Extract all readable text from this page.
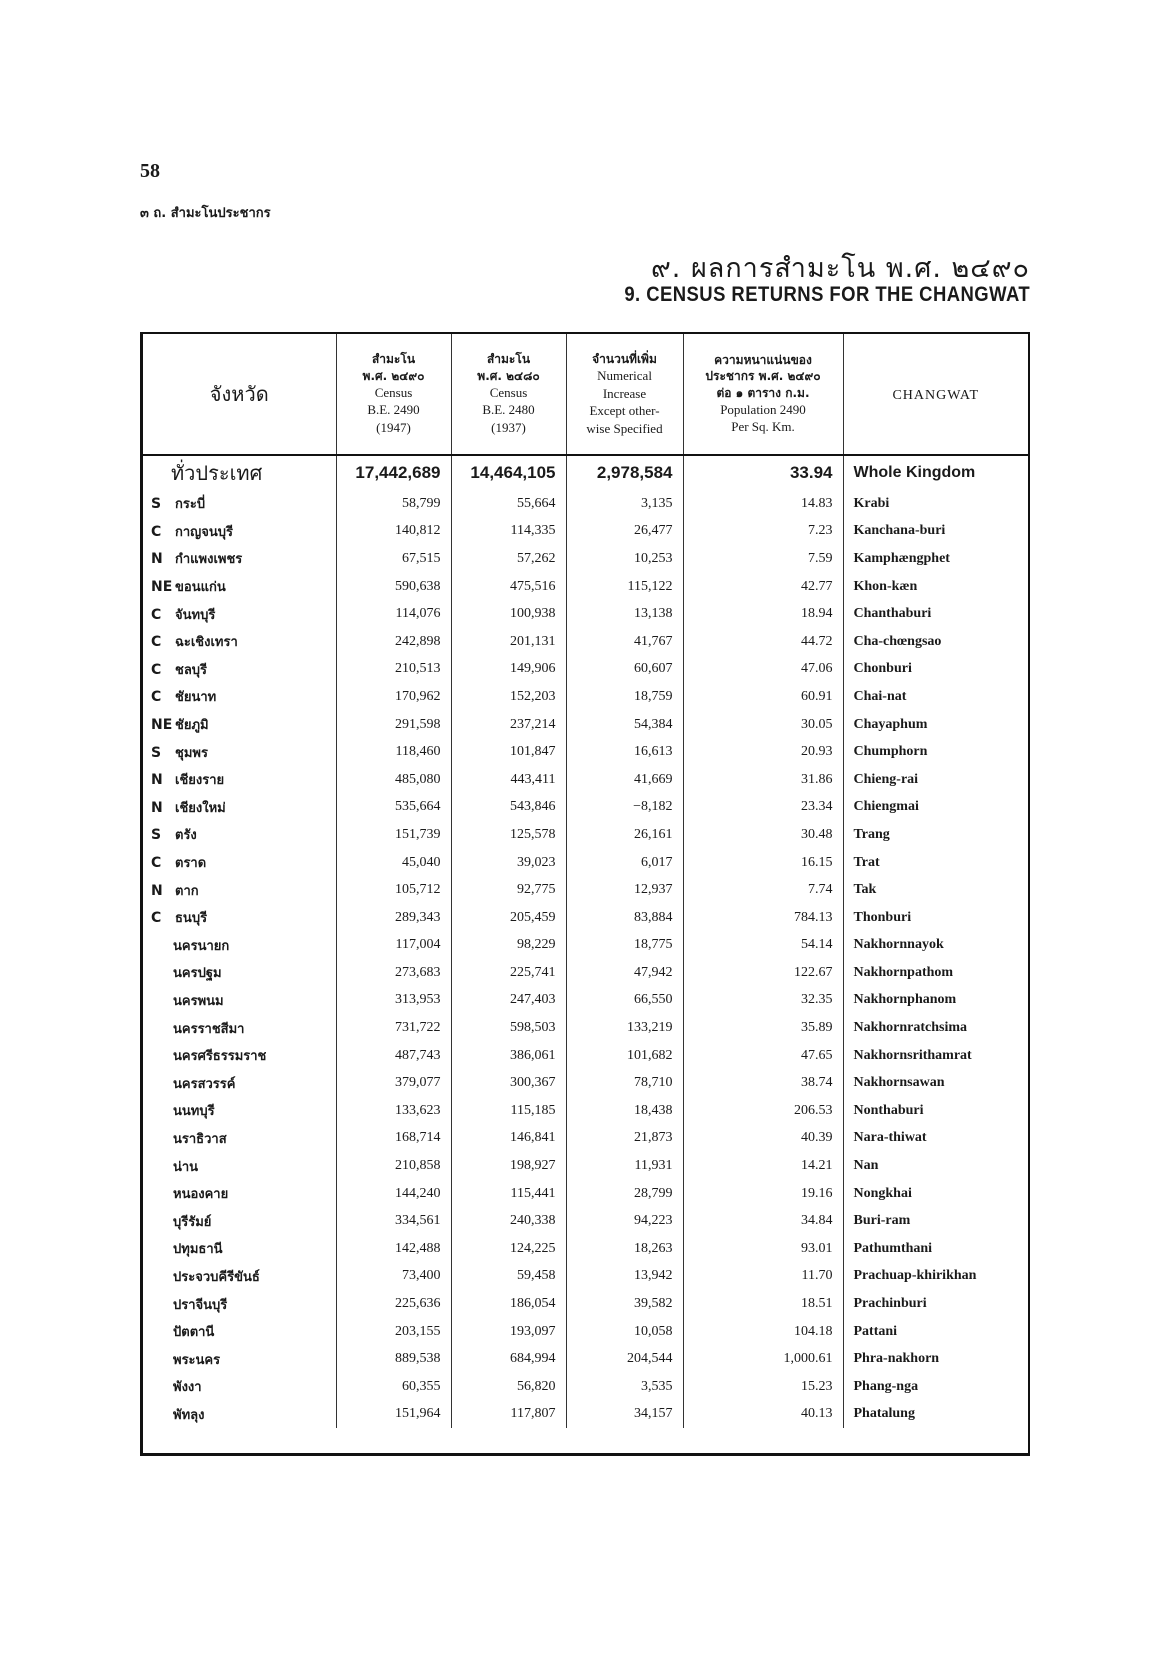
58
๓ ถ. สำมะโนประชากร
๙. ผลการสำมะโน พ.ศ. ๒๔๙๐
9. CENSUS RETURNS FOR THE CHANGWAT
จังหวัด	สำมะโน
พ.ศ. ๒๔๙๐
Census
B.E. 2490
(1947)	สำมะโน
พ.ศ. ๒๔๘๐
Census
B.E. 2480
(1937)	จำนวนที่เพิ่ม
Numerical
Increase
Except other-
wise Specified	ความหนาแน่นของ
ประชากร พ.ศ. ๒๔๙๐
ต่อ ๑ ตาราง ก.ม.
Population 2490
Per Sq. Km.	CHANGWAT
ทั่วประเทศ	17,442,689	14,464,105	2,978,584	33.94	Whole Kingdom
S กระบี่	58,799	55,664	3,135	14.83	Krabi
C กาญจนบุรี	140,812	114,335	26,477	7.23	Kanchana-buri
N กำแพงเพชร	67,515	57,262	10,253	7.59	Kamphængphet
NE ขอนแก่น	590,638	475,516	115,122	42.77	Khon-kæn
C จันทบุรี	114,076	100,938	13,138	18.94	Chanthaburi
C ฉะเชิงเทรา	242,898	201,131	41,767	44.72	Cha-chœngsao
C ชลบุรี	210,513	149,906	60,607	47.06	Chonburi
C ชัยนาท	170,962	152,203	18,759	60.91	Chai-nat
NE ชัยภูมิ	291,598	237,214	54,384	30.05	Chayaphum
S ชุมพร	118,460	101,847	16,613	20.93	Chumphorn
N เชียงราย	485,080	443,411	41,669	31.86	Chieng-rai
N เชียงใหม่	535,664	543,846	−8,182	23.34	Chiengmai
S ตรัง	151,739	125,578	26,161	30.48	Trang
C ตราด	45,040	39,023	6,017	16.15	Trat
N ตาก	105,712	92,775	12,937	7.74	Tak
C ธนบุรี	289,343	205,459	83,884	784.13	Thonburi
นครนายก	117,004	98,229	18,775	54.14	Nakhornnayok
นครปฐม	273,683	225,741	47,942	122.67	Nakhornpathom
นครพนม	313,953	247,403	66,550	32.35	Nakhornphanom
นครราชสีมา	731,722	598,503	133,219	35.89	Nakhornratchsima
นครศรีธรรมราช	487,743	386,061	101,682	47.65	Nakhornsrithamrat
นครสวรรค์	379,077	300,367	78,710	38.74	Nakhornsawan
นนทบุรี	133,623	115,185	18,438	206.53	Nonthaburi
นราธิวาส	168,714	146,841	21,873	40.39	Nara-thiwat
น่าน	210,858	198,927	11,931	14.21	Nan
หนองคาย	144,240	115,441	28,799	19.16	Nongkhai
บุรีรัมย์	334,561	240,338	94,223	34.84	Buri-ram
ปทุมธานี	142,488	124,225	18,263	93.01	Pathumthani
ประจวบคีรีขันธ์	73,400	59,458	13,942	11.70	Prachuap-khirikhan
ปราจีนบุรี	225,636	186,054	39,582	18.51	Prachinburi
ปัตตานี	203,155	193,097	10,058	104.18	Pattani
พระนคร	889,538	684,994	204,544	1,000.61	Phra-nakhorn
พังงา	60,355	56,820	3,535	15.23	Phang-nga
พัทลุง	151,964	117,807	34,157	40.13	Phatalung
